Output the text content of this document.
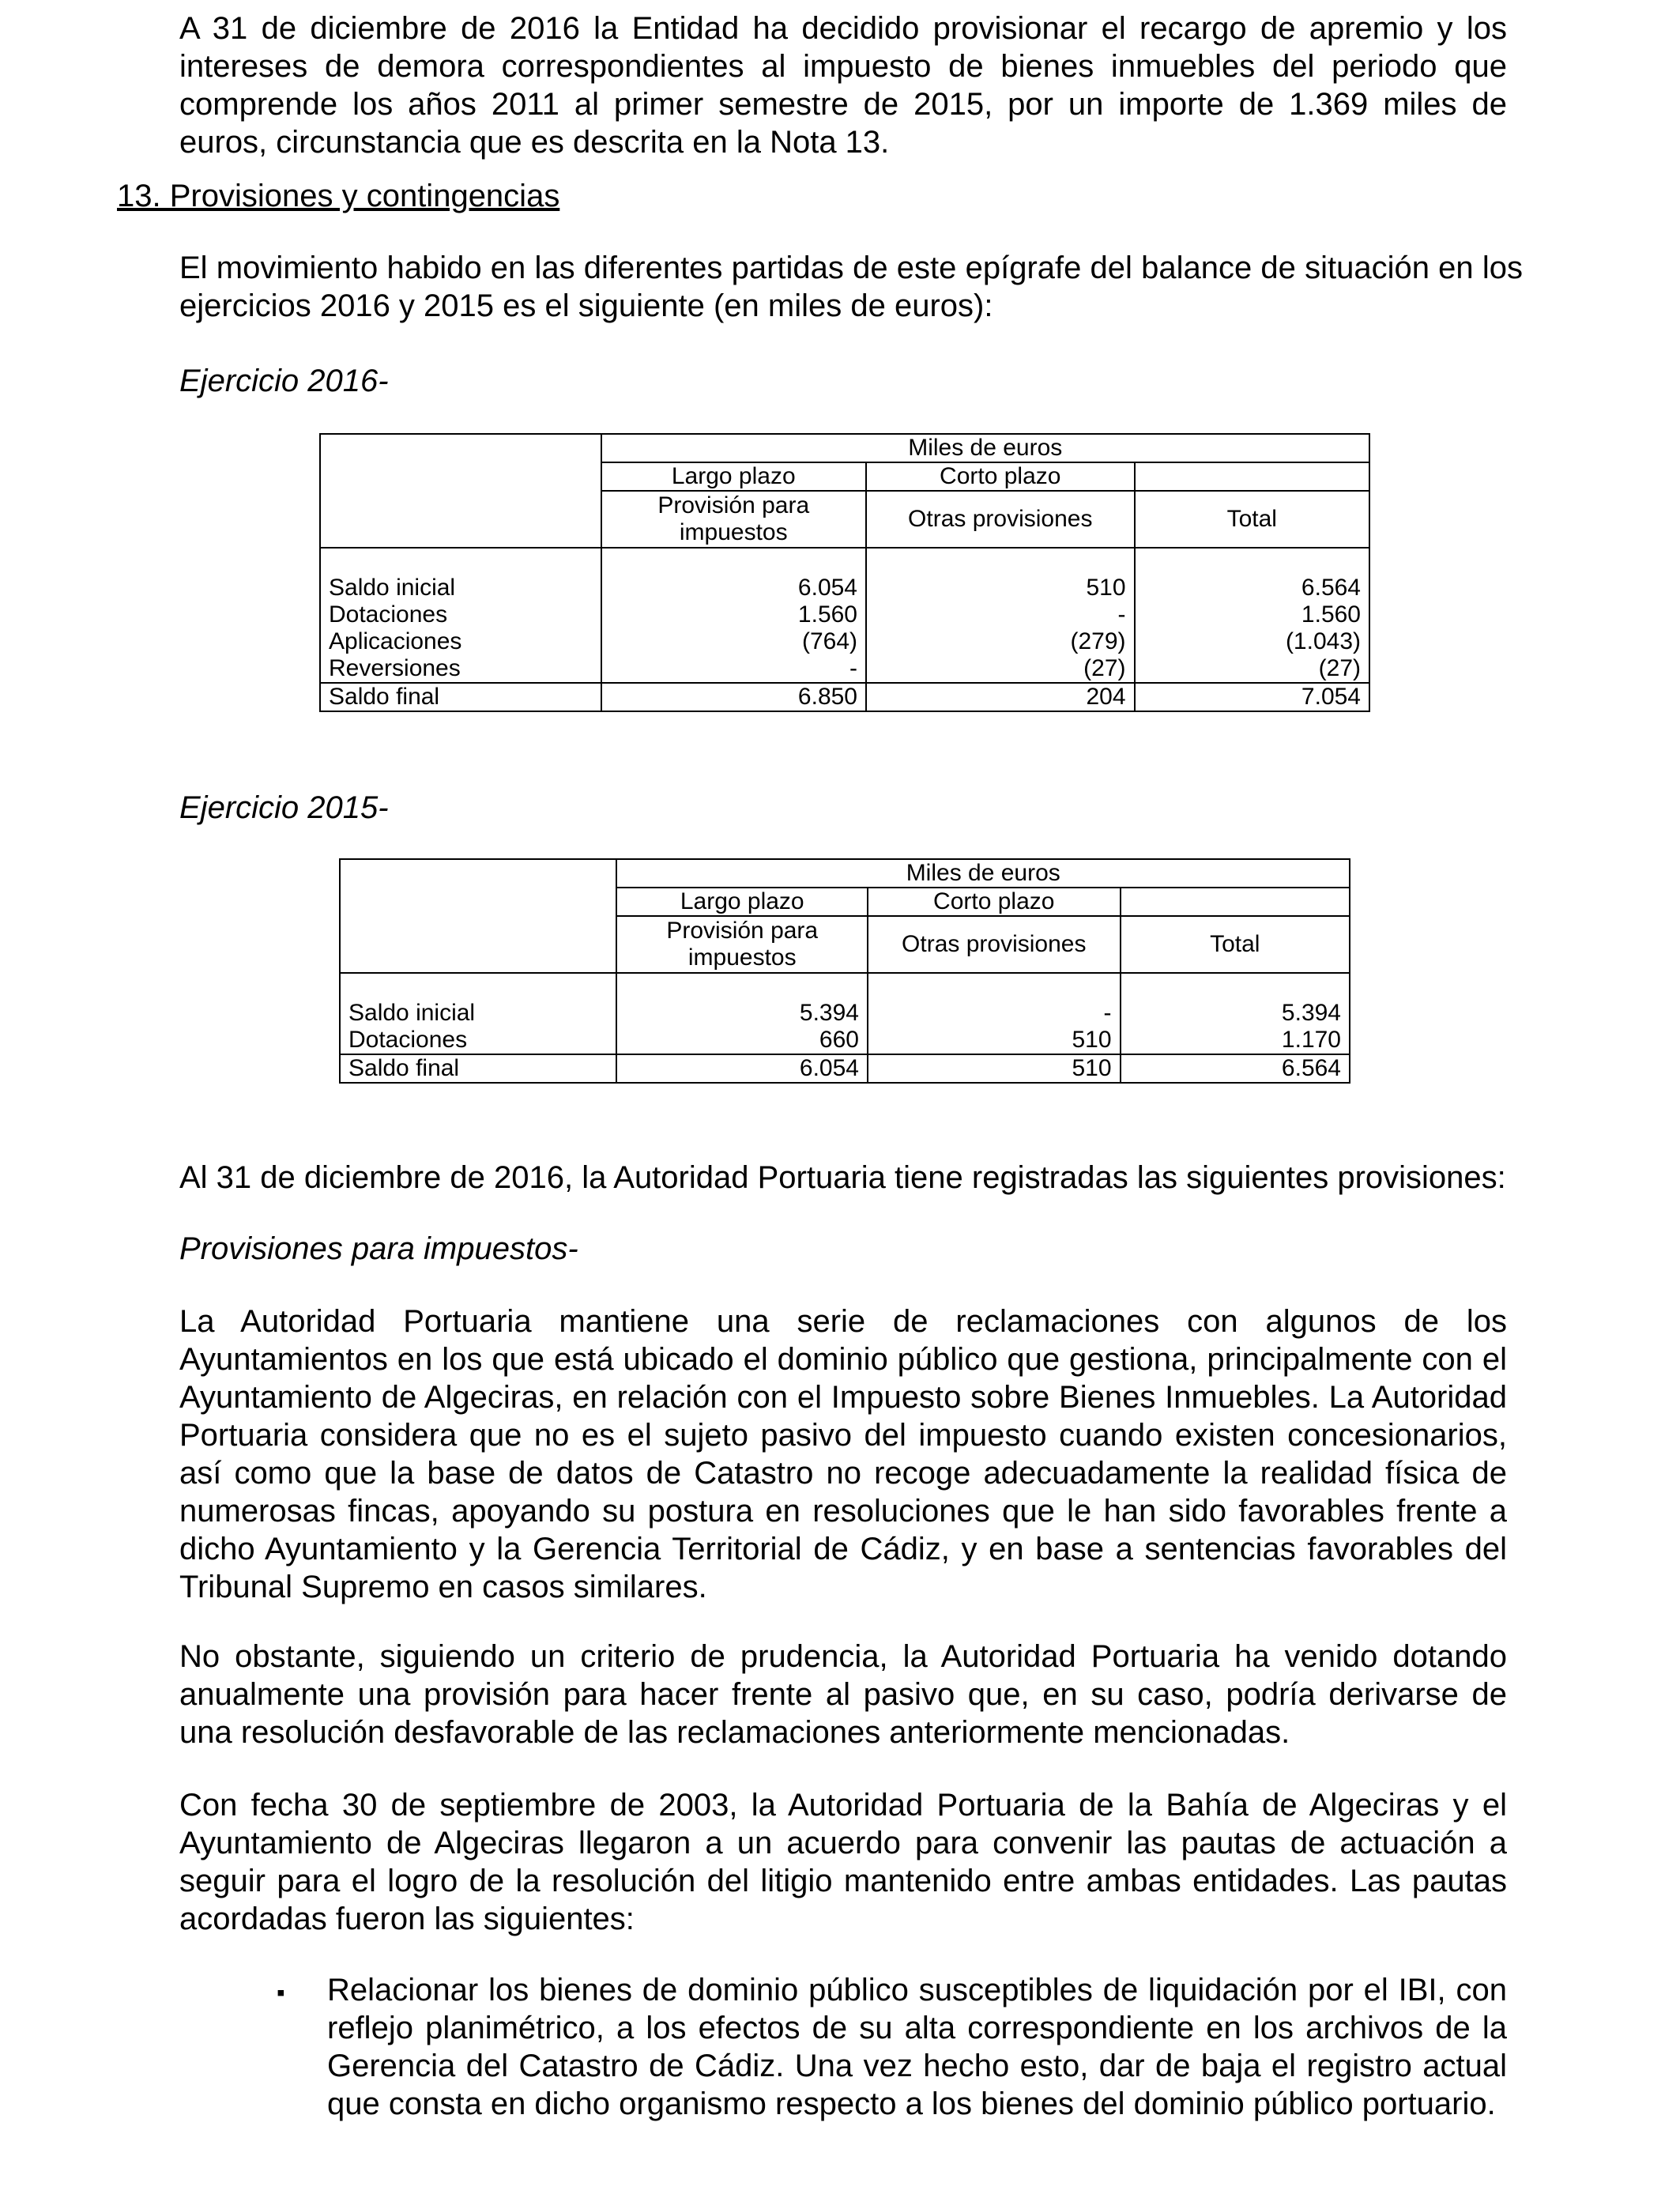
A 31 de diciembre de 2016 la Entidad ha decidido provisionar el recargo de apremio y los intereses de demora correspondientes al impuesto de bienes inmuebles del periodo que comprende los años 2011 al primer semestre de 2015, por un importe de 1.369 miles de euros, circunstancia que es descrita en la Nota 13.

13. Provisiones y contingencias

El movimiento habido en las diferentes partidas de este epígrafe del balance de situación en los ejercicios 2016 y 2015 es el siguiente (en miles de euros):

Ejercicio 2016-

	Miles de euros		
	Largo plazo	Corto plazo	
	Provisión para impuestos	Otras provisiones	Total

Saldo inicial	6.054	510	6.564
Dotaciones	1.560	-	1.560
Aplicaciones	(764)	(279)	(1.043)
Reversiones	-	(27)	(27)
Saldo final	6.850	204	7.054

Ejercicio 2015-

	Miles de euros		
	Largo plazo	Corto plazo	
	Provisión para impuestos	Otras provisiones	Total

Saldo inicial	5.394	-	5.394
Dotaciones	660	510	1.170
Saldo final	6.054	510	6.564

Al 31 de diciembre de 2016, la Autoridad Portuaria tiene registradas las siguientes provisiones:

Provisiones para impuestos-

La Autoridad Portuaria mantiene una serie de reclamaciones con algunos de los Ayuntamientos en los que está ubicado el dominio público que gestiona, principalmente con el Ayuntamiento de Algeciras, en relación con el Impuesto sobre Bienes Inmuebles. La Autoridad Portuaria considera que no es el sujeto pasivo del impuesto cuando existen concesionarios, así como que la base de datos de Catastro no recoge adecuadamente la realidad física de numerosas fincas, apoyando su postura en resoluciones que le han sido favorables frente a dicho Ayuntamiento y la Gerencia Territorial de Cádiz, y en base a sentencias favorables del Tribunal Supremo en casos similares.

No obstante, siguiendo un criterio de prudencia, la Autoridad Portuaria ha venido dotando anualmente una provisión para hacer frente al pasivo que, en su caso, podría derivarse de una resolución desfavorable de las reclamaciones anteriormente mencionadas.

Con fecha 30 de septiembre de 2003, la Autoridad Portuaria de la Bahía de Algeciras y el Ayuntamiento de Algeciras llegaron a un acuerdo para convenir las pautas de actuación a seguir para el logro de la resolución del litigio mantenido entre ambas entidades. Las pautas acordadas fueron las siguientes:

▪ Relacionar los bienes de dominio público susceptibles de liquidación por el IBI, con reflejo planimétrico, a los efectos de su alta correspondiente en los archivos de la Gerencia del Catastro de Cádiz. Una vez hecho esto, dar de baja el registro actual que consta en dicho organismo respecto a los bienes del dominio público portuario.
